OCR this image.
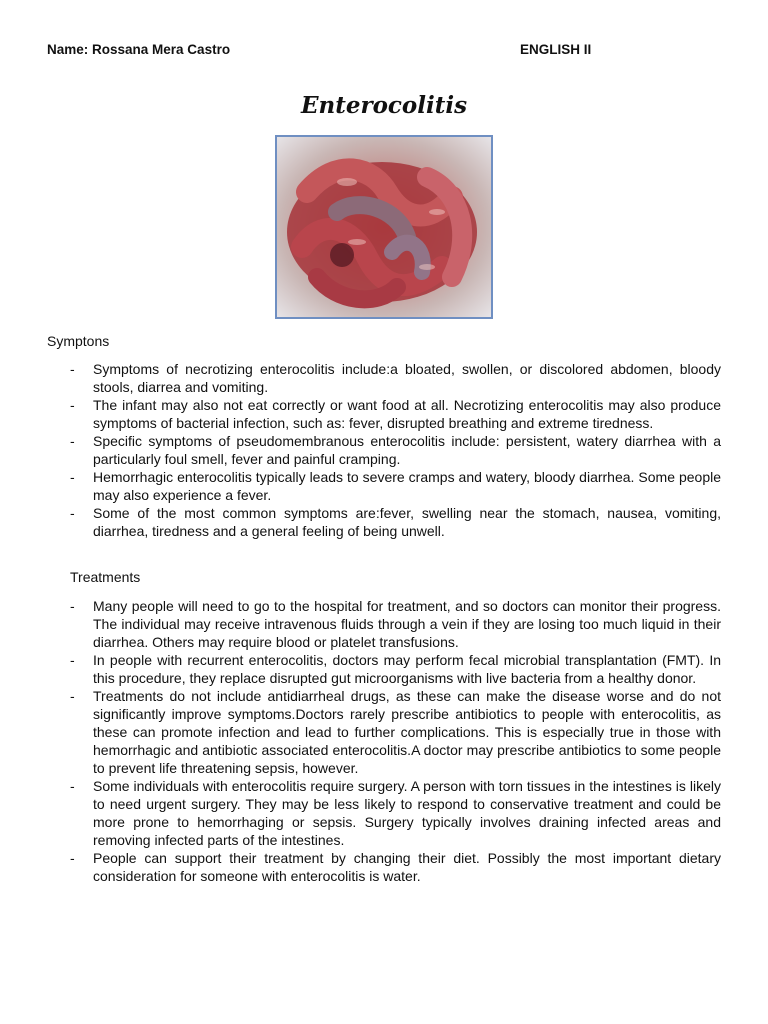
Name: Rossana Mera Castro	ENGLISH II
Enterocolitis
Symptons
- Symptoms of necrotizing enterocolitis include:a bloated, swollen, or discolored abdomen, bloody stools, diarrea and vomiting.
- The infant may also not eat correctly or want food at all. Necrotizing enterocolitis may also produce symptoms of bacterial infection, such as: fever, disrupted breathing and extreme tiredness.
- Specific symptoms of pseudomembranous enterocolitis include: persistent, watery diarrhea with a particularly foul smell, fever and painful cramping.
- Hemorrhagic enterocolitis typically leads to severe cramps and watery, bloody diarrhea. Some people may also experience a fever.
- Some of the most common symptoms are:fever, swelling near the stomach, nausea, vomiting, diarrhea, tiredness and a general feeling of being unwell.
Treatments
- Many people will need to go to the hospital for treatment, and so doctors can monitor their progress. The individual may receive intravenous fluids through a vein if they are losing too much liquid in their diarrhea. Others may require blood or platelet transfusions.
- In people with recurrent enterocolitis, doctors may perform fecal microbial transplantation (FMT). In this procedure, they replace disrupted gut microorganisms with live bacteria from a healthy donor.
- Treatments do not include antidiarrheal drugs, as these can make the disease worse and do not significantly improve symptoms.Doctors rarely prescribe antibiotics to people with enterocolitis, as these can promote infection and lead to further complications. This is especially true in those with hemorrhagic and antibiotic associated enterocolitis.A doctor may prescribe antibiotics to some people to prevent life threatening sepsis, however.
- Some individuals with enterocolitis require surgery. A person with torn tissues in the intestines is likely to need urgent surgery. They may be less likely to respond to conservative treatment and could be more prone to hemorrhaging or sepsis. Surgery typically involves draining infected areas and removing infected parts of the intestines.
- People can support their treatment by changing their diet. Possibly the most important dietary consideration for someone with enterocolitis is water.
